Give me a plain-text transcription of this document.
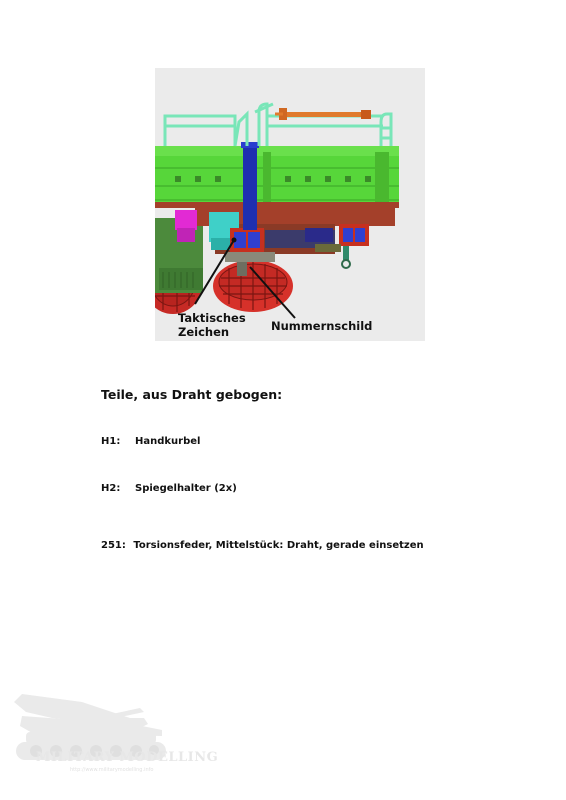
Taktisches
Zeichen	Nummernschild
Teile, aus Draht gebogen:
H1: Handkurbel
H2: Spiegelhalter (2x)
251: Torsionsfeder, Mittelstück: Draht, gerade einsetzen
MILITARY MODELLING
http://www.militarymodelling.info
